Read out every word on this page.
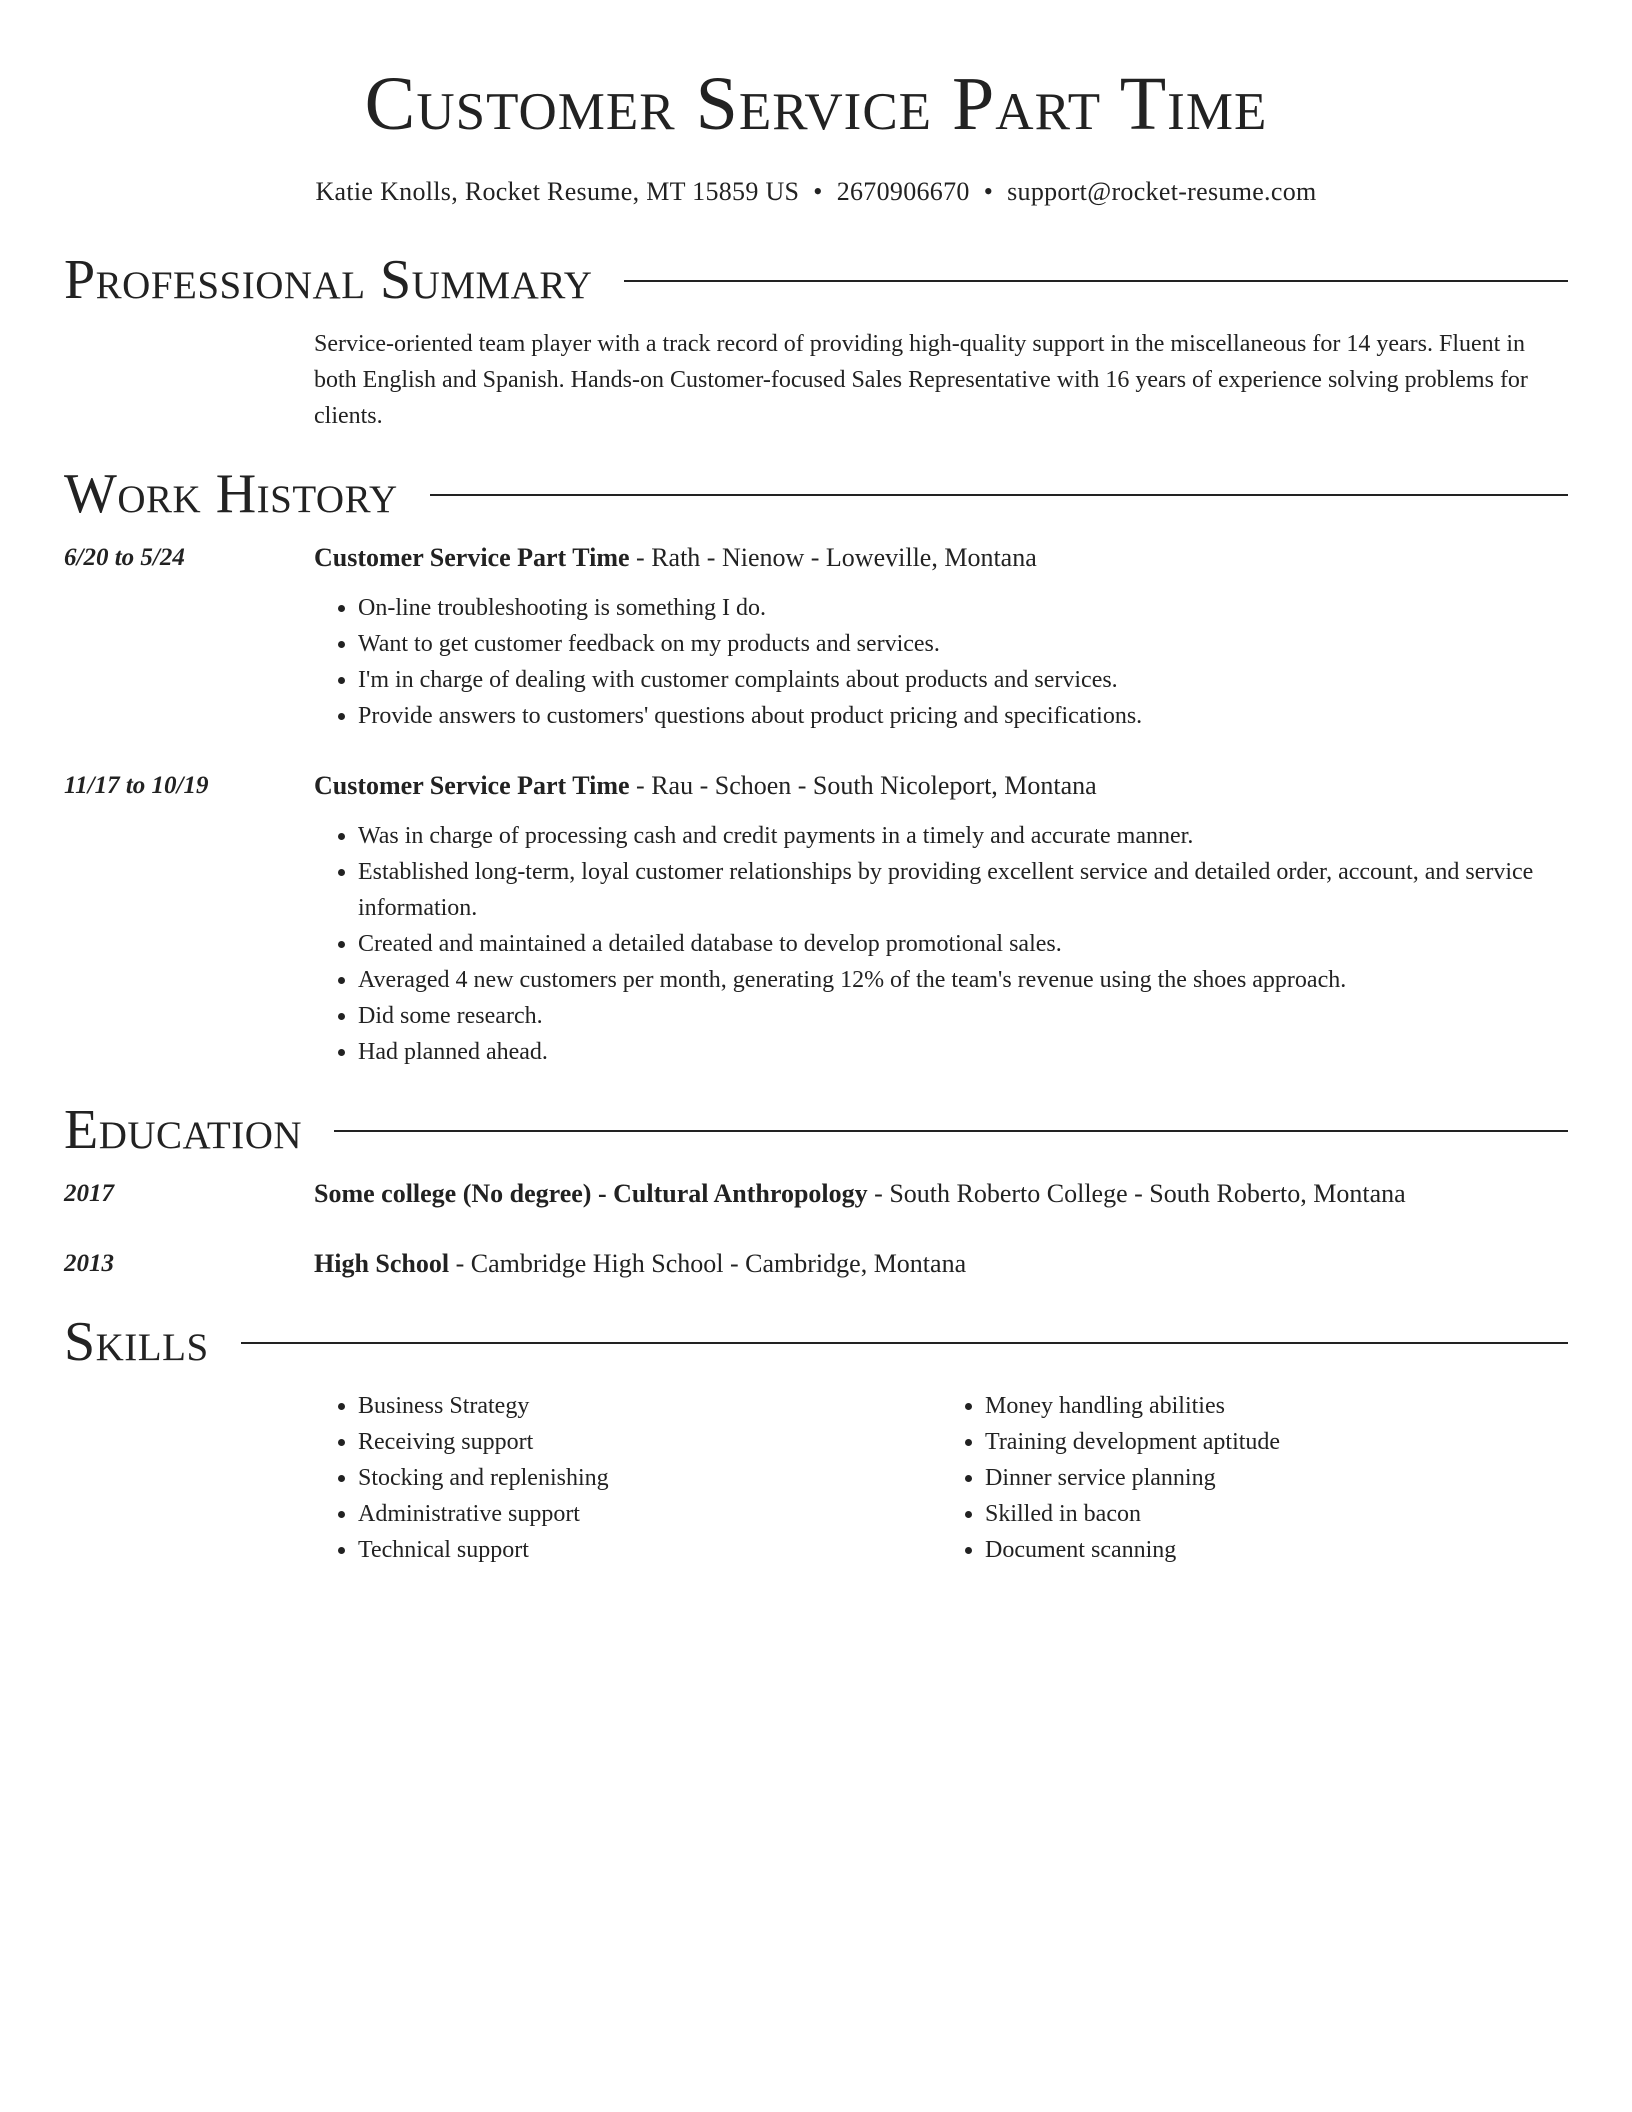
Customer Service Part Time
Katie Knolls, Rocket Resume, MT 15859 US • 2670906670 • support@rocket-resume.com
Professional Summary

Service-oriented team player with a track record of providing high-quality support in the miscellaneous for 14 years. Fluent in both English and Spanish. Hands-on Customer-focused Sales Representative with 16 years of experience solving problems for clients.

Work History
6/20 to 5/24	Customer Service Part Time - Rath - Nienow - Loweville, Montana
• On-line troubleshooting is something I do.
• Want to get customer feedback on my products and services.
• I'm in charge of dealing with customer complaints about products and services.
• Provide answers to customers' questions about product pricing and specifications.
11/17 to 10/19	Customer Service Part Time - Rau - Schoen - South Nicoleport, Montana
• Was in charge of processing cash and credit payments in a timely and accurate manner.
• Established long-term, loyal customer relationships by providing excellent service and detailed order, account, and service information.
• Created and maintained a detailed database to develop promotional sales.
• Averaged 4 new customers per month, generating 12% of the team's revenue using the shoes approach.
• Did some research.
• Had planned ahead.
Education
2017	Some college (No degree) - Cultural Anthropology - South Roberto College - South Roberto, Montana
2013	High School - Cambridge High School - Cambridge, Montana
Skills
• Business Strategy
• Receiving support
• Stocking and replenishing
• Administrative support
• Technical support
• Money handling abilities
• Training development aptitude
• Dinner service planning
• Skilled in bacon
• Document scanning
